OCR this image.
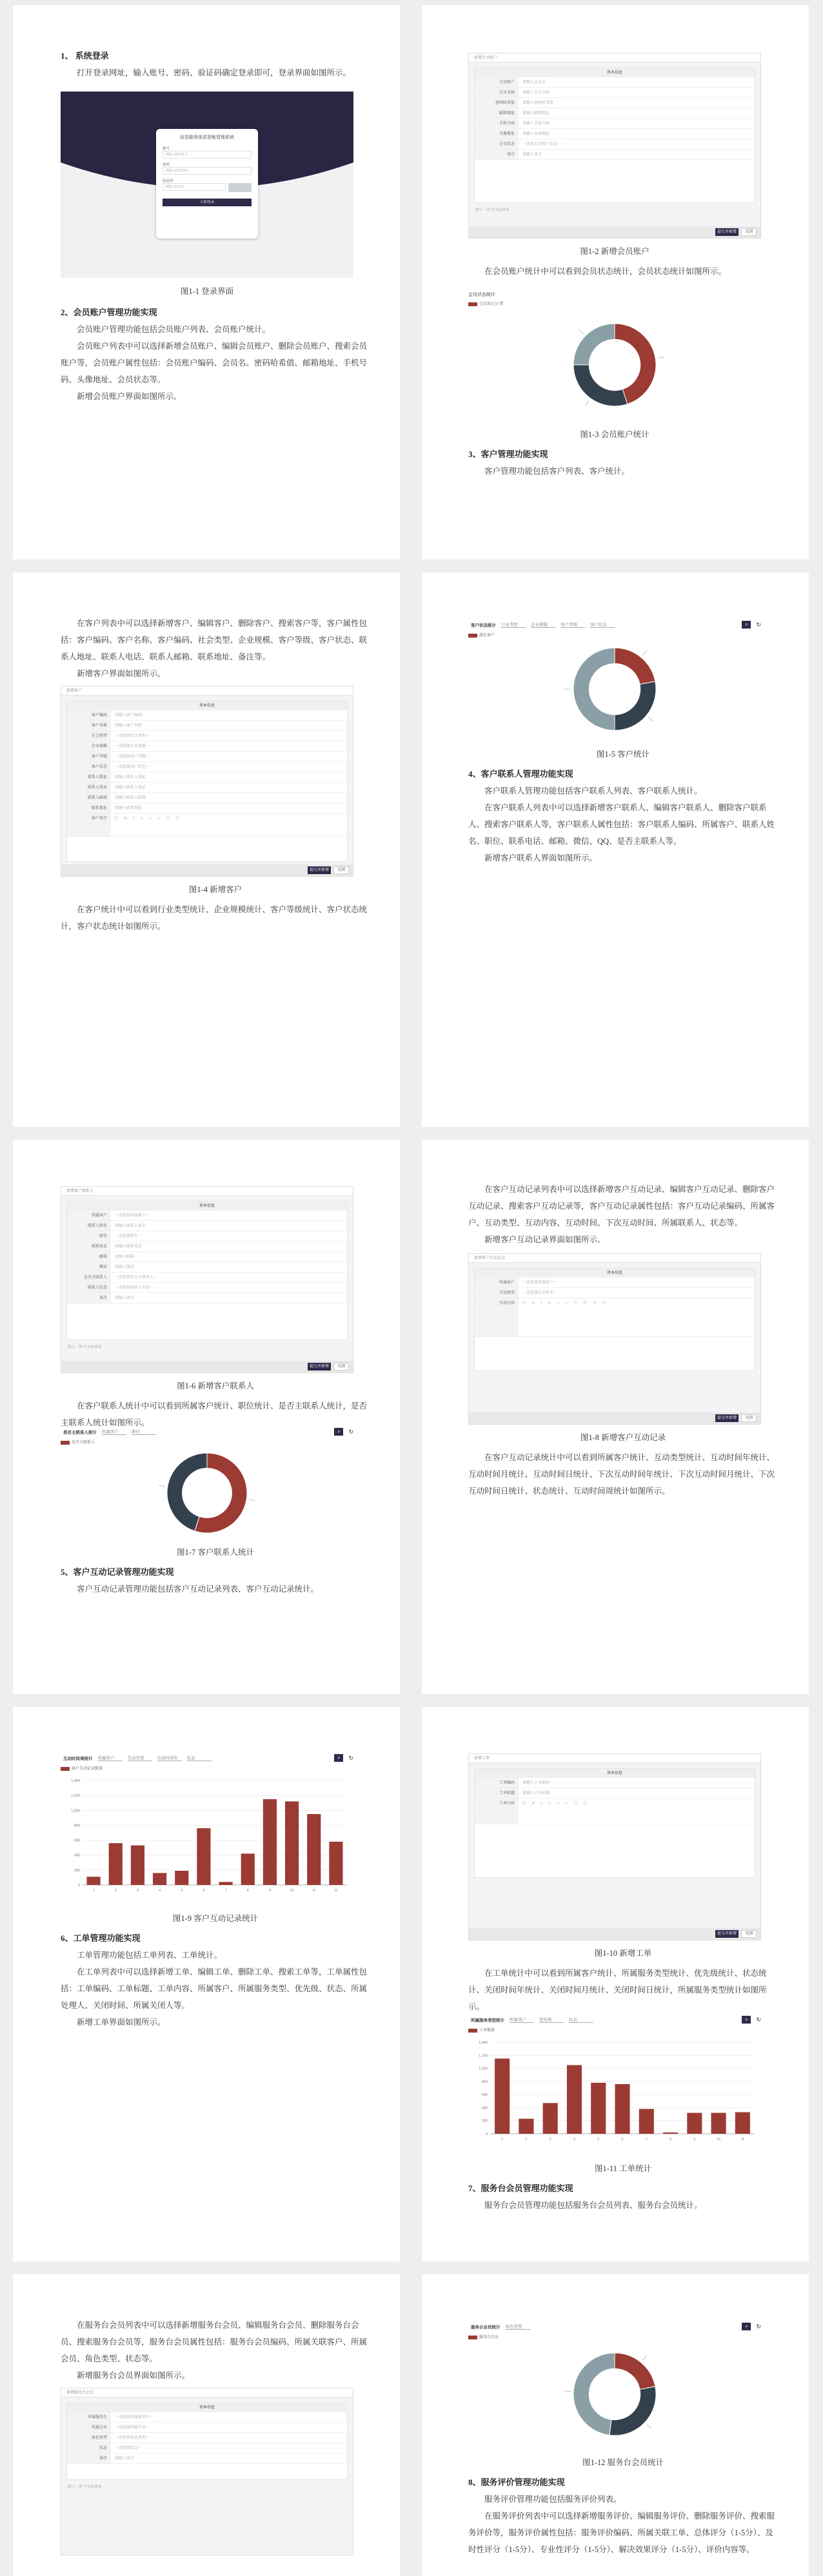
1、 系统登录
打开登录网址，输入账号、密码、验证码确定登录即可，登录界面如图所示。
信息服务体系智能管理系统
账号
请输入您的账号
密码
请输入您的密码
验证码
请输入验证码
立即登录
图1-1 登录界面
2、会员账户管理功能实现
会员账户管理功能包括会员账户列表、会员账户统计。
会员账户列表中可以选择新增会员账户、编辑会员账户、删除会员账户、搜索会员账户等，会员账户属性包括：会员账户编码、会员名、密码哈希值、邮箱地址、手机号码、头像地址、会员状态等。
新增会员账户界面如图所示。
新增会员账户
基本信息
会员账户	请输入会员名
会员名称	请输入会员名称
密码哈希值	请输入密码哈希值
邮箱地址	请输入邮箱地址
手机号码	请输入手机号码
头像地址	请输入头像地址
会员状态	一选择会员账户状态一
备注	请输入备注
提示：带*号为必填项
提交并新增	关闭
图1-2 新增会员账户
在会员账户统计中可以看到会员状态统计，会员状态统计如图所示。
会员状态统计
已启用/已正常
图1-3 会员账户统计
3、客户管理功能实现
客户管理功能包括客户列表、客户统计。
在客户列表中可以选择新增客户、编辑客户、删除客户、搜索客户等，客户属性包括：客户编码、客户名称、客户编码、社会类型、企业规模、客户等级、客户状态、联系人地址、联系人电话、联系人邮箱、联系地址、备注等。
新增客户界面如图所示。
新增客户
基本信息
客户编码	请输入客户编码
客户名称	请输入客户名称
社会类型	一请选择社会类型一
企业规模	一请选择企业规模一
客户等级	一请选择客户等级一
客户状态	一请选择客户状态一
联系人地址	请输入联系人地址
联系人电话	请输入联系人电话
联系人邮箱	请输入联系人邮箱
联系地址	请输入联系地址
客户备注	☐ B I U ≡ ≡ ☐ ☐
提交并新增	关闭
图1-4 新增客户
在客户统计中可以看到行业类型统计、企业规模统计、客户等级统计、客户状态统计，客户状态统计如图所示。
客户状态统计 行业类型	企业规模	客户等级	客户状态	⌕	↻
潜在客户
图1-5 客户统计
4、客户联系人管理功能实现
客户联系人管理功能包括客户联系人列表、客户联系人统计。
在客户联系人列表中可以选择新增客户联系人、编辑客户联系人、删除客户联系人、搜索客户联系人等，客户联系人属性包括：客户联系人编码、所属客户、联系人姓名、职位、联系电话、邮箱、微信、QQ、是否主联系人等。
新增客户联系人界面如图所示。
新增客户联系人
基本信息
所属客户	一请选择所属客户一
联系人姓名	请输入联系人姓名
职位	一请选择职位一
联系电话	请输入联系电话
邮箱	请输入邮箱
微信	请输入微信
是否主联系人	一请选择是否主联系人一
联系人状态	一请选择联系人状态一
备注	请输入备注
提示：带*号为必填项
提交并新增	关闭
图1-6 新增客户联系人
在客户联系人统计中可以看到所属客户统计、职位统计、是否主联系人统计，是否主联系人统计如图所示。
是否主联系人统计 所属客户	职位	⌕	↻
是否主联系人
图1-7 客户联系人统计
5、客户互动记录管理功能实现
客户互动记录管理功能包括客户互动记录列表、客户互动记录统计。
在客户互动记录列表中可以选择新增客户互动记录、编辑客户互动记录、删除客户互动记录、搜索客户互动记录等，客户互动记录属性包括：客户互动记录编码、所属客户、互动类型、互动内容、互动时间、下次互动时间、所属联系人、状态等。
新增客户互动记录界面如图所示。
新增客户互动记录
基本信息
所属客户	一请选择所属客户一
互动类型	一请选择互动类型一
互动内容	☐ B I U ≡ ≡ ☐ ☐ ☐ ☐
提交并新增	关闭
图1-8 新增客户互动记录
在客户互动记录统计中可以看到所属客户统计、互动类型统计、互动时间年统计、互动时间月统计、互动时间日统计、下次互动时间年统计、下次互动时间月统计、下次互动时间日统计、状态统计、互动时间周统计如图所示。
互动时间周统计 所属客户	互动类型	互动时间年	状态	⌕	↻
客户互动记录数量
0
200
400
600
800
1,000
1,200
1,400
1	2	3	4	5	6	7	8	9	10	11	12
图1-9 客户互动记录统计
6、工单管理功能实现
工单管理功能包括工单列表、工单统计。
在工单列表中可以选择新增工单、编辑工单、删除工单、搜索工单等，工单属性包括：工单编码、工单标题、工单内容、所属客户、所属服务类型、优先级、状态、所属处理人、关闭时间、所属关闭人等。
新增工单界面如图所示。
新增工单
基本信息
工单编码	请输入工单编码
工单标题	请输入工单标题
工单内容	☐ B I U ≡ ≡ ☐ ☐
提交并新增	关闭
图1-10 新增工单
在工单统计中可以看到所属客户统计、所属服务类型统计、优先级统计、状态统计、关闭时间年统计、关闭时间月统计、关闭时间日统计，所属服务类型统计如图所示。
所属服务类型统计 所属客户	优先级	状态	⌕	↻
工单数量
0
200
400
600
800
1,000
1,200
1,400
1	2	3	4	5	6	7	8	9	10	11
图1-11 工单统计
7、服务台会员管理功能实现
服务台会员管理功能包括服务台会员列表、服务台会员统计。
在服务台会员列表中可以选择新增服务台会员、编辑服务台会员、删除服务台会员、搜索服务台会员等，服务台会员属性包括：服务台会员编码、所属关联客户、所属会员、角色类型、状态等。
新增服务台会员界面如图所示。
新增服务台会员
基本信息
所属服务台	一请选择所属服务台一
所属会员	一请选择所属会员一
角色类型	一请选择角色类型一
状态	一请选择状态一
备注	请输入备注
提示：带*号为必填项
服务台会员统计 角色类型	⌕	↻
服务台会员
图1-12 服务台会员统计
8、服务评价管理功能实现
服务评价管理功能包括服务评价列表。
在服务评价列表中可以选择新增服务评价、编辑服务评价、删除服务评价、搜索服务评价等，服务评价属性包括：服务评价编码、所属关联工单、总体评分（1-5分）、及时性评分（1-5分）、专业性评分（1-5分）、解决效果评分（1-5分）、评价内容等。
